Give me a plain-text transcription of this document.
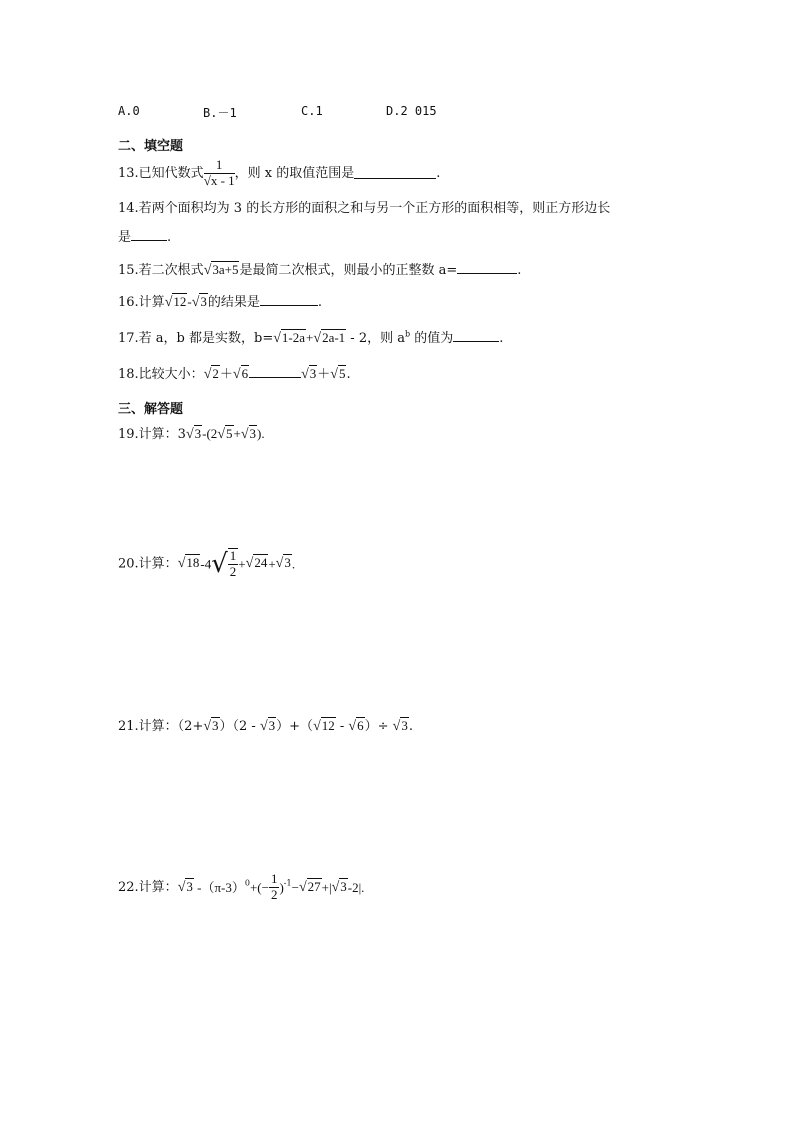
A.0	B.－1	C.1	D.2 015
二、填空题
13.已知代数式 $\frac{1}{√x - 1}$ ，则 x 的取值范围是	.
14.若两个面积均为 3 的长方形的面积之和与另一个正方形的面积相等，则正方形边长
是	.
15.若二次根式√3a+5是最简二次根式，则最小的正整数 a=	.
16.计算√12-√3的结果是	.
17.若 a，b 都是实数，b=√1-2a+√2a-1 - 2，则 $a^b$ 的值为	.
18.比较大小：√2＋√6	√3＋√5.
三、解答题
19.计算：3√3-(2√5+√3).
20.计算：$√18-4√ \frac{1}{2} +√24+√3$.
21.计算：（2+√3）（2 - √3）+（√12 - √6）÷ √3.
22.计算：√3 $-(\pi-3)^0+(- \frac{1}{2} )^{-1}-√27+|√3-2|$.
